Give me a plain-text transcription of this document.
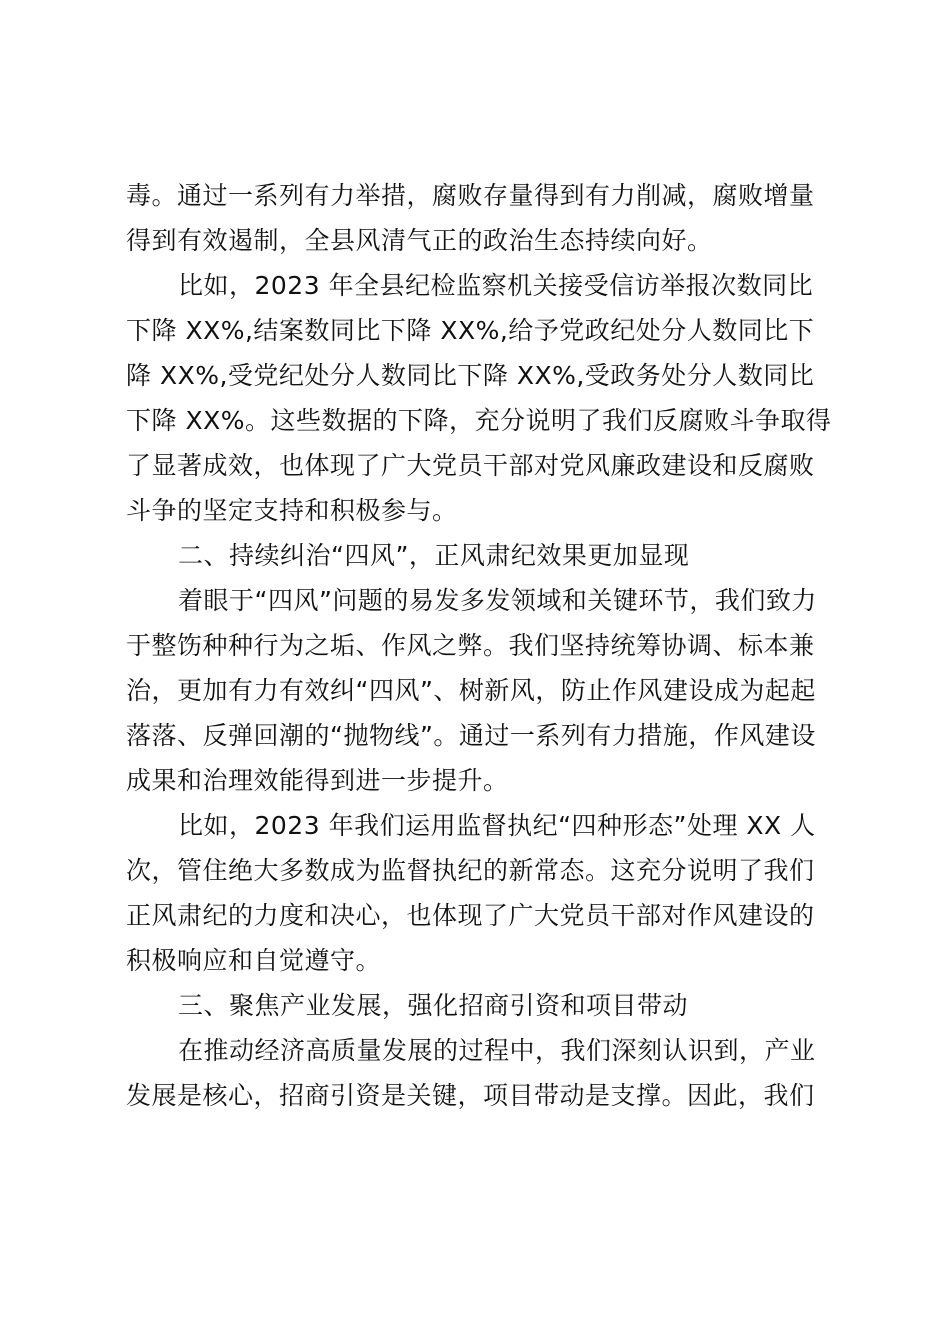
毒。通过一系列有力举措，腐败存量得到有力削减，腐败增量
得到有效遏制，全县风清气正的政治生态持续向好。
比如，2023 年全县纪检监察机关接受信访举报次数同比
下降 XX%,结案数同比下降 XX%,给予党政纪处分人数同比下
降 XX%,受党纪处分人数同比下降 XX%,受政务处分人数同比
下降 XX%。这些数据的下降，充分说明了我们反腐败斗争取得
了显著成效，也体现了广大党员干部对党风廉政建设和反腐败
斗争的坚定支持和积极参与。
二、持续纠治“四风”，正风肃纪效果更加显现
着眼于“四风”问题的易发多发领域和关键环节，我们致力
于整饬种种行为之垢、作风之弊。我们坚持统筹协调、标本兼
治，更加有力有效纠“四风”、树新风，防止作风建设成为起起
落落、反弹回潮的“抛物线”。通过一系列有力措施，作风建设
成果和治理效能得到进一步提升。
比如，2023 年我们运用监督执纪“四种形态”处理 XX 人
次，管住绝大多数成为监督执纪的新常态。这充分说明了我们
正风肃纪的力度和决心，也体现了广大党员干部对作风建设的
积极响应和自觉遵守。
三、聚焦产业发展，强化招商引资和项目带动
在推动经济高质量发展的过程中，我们深刻认识到，产业
发展是核心，招商引资是关键，项目带动是支撑。因此，我们
